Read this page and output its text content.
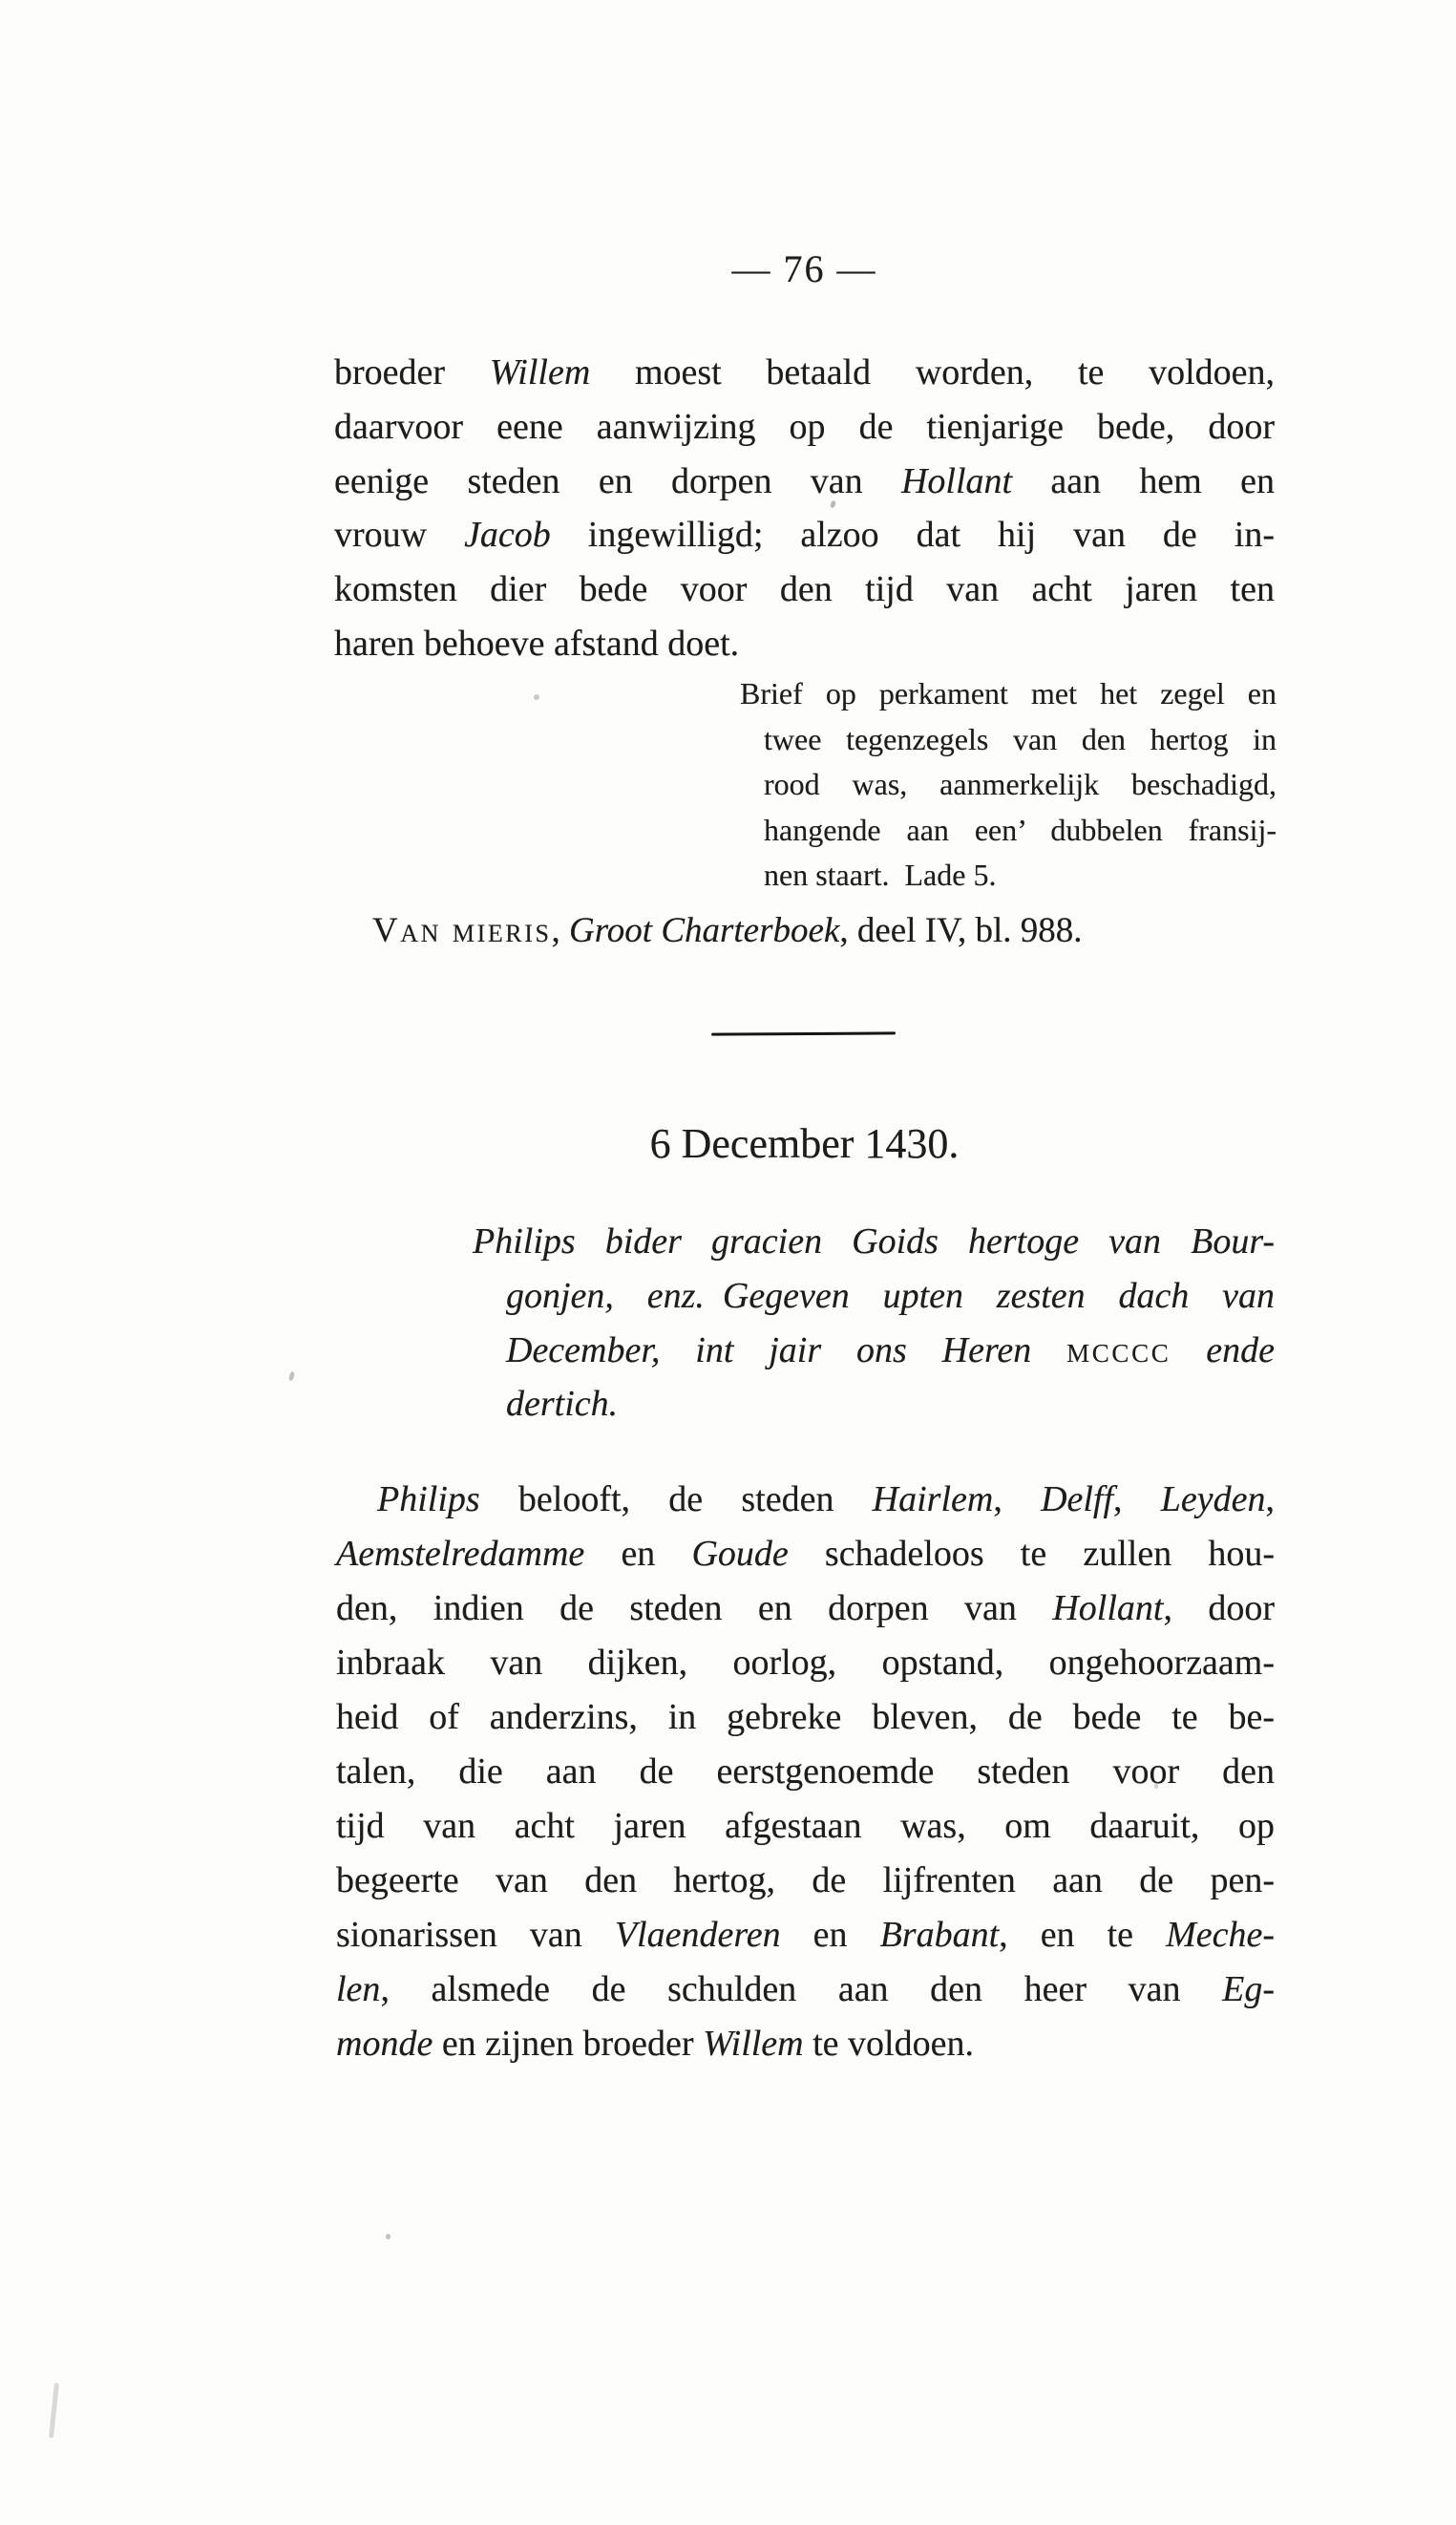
— 76 —
broeder Willem moest betaald worden, te voldoen,
daarvoor eene aanwijzing op de tienjarige bede, door
eenige steden en dorpen van Hollant aan hem en
vrouw Jacob ingewilligd; alzoo dat hij van de in-
komsten dier bede voor den tijd van acht jaren ten
haren behoeve afstand doet.
Brief op perkament met het zegel en
twee tegenzegels van den hertog in
rood was, aanmerkelijk beschadigd,
hangende aan een’ dubbelen fransij-
nen staart. Lade 5.
Van mieris, Groot Charterboek, deel IV, bl. 988.
6 December 1430.
Philips bider gracien Goids hertoge van Bour-
gonjen, enz. Gegeven upten zesten dach van
December, int jair ons Heren mcccc ende
dertich.
Philips belooft, de steden Hairlem, Delff, Leyden,
Aemstelredamme en Goude schadeloos te zullen hou-
den, indien de steden en dorpen van Hollant, door
inbraak van dijken, oorlog, opstand, ongehoorzaam-
heid of anderzins, in gebreke bleven, de bede te be-
talen, die aan de eerstgenoemde steden voor den
tijd van acht jaren afgestaan was, om daaruit, op
begeerte van den hertog, de lijfrenten aan de pen-
sionarissen van Vlaenderen en Brabant, en te Meche-
len, alsmede de schulden aan den heer van Eg-
monde en zijnen broeder Willem te voldoen.
